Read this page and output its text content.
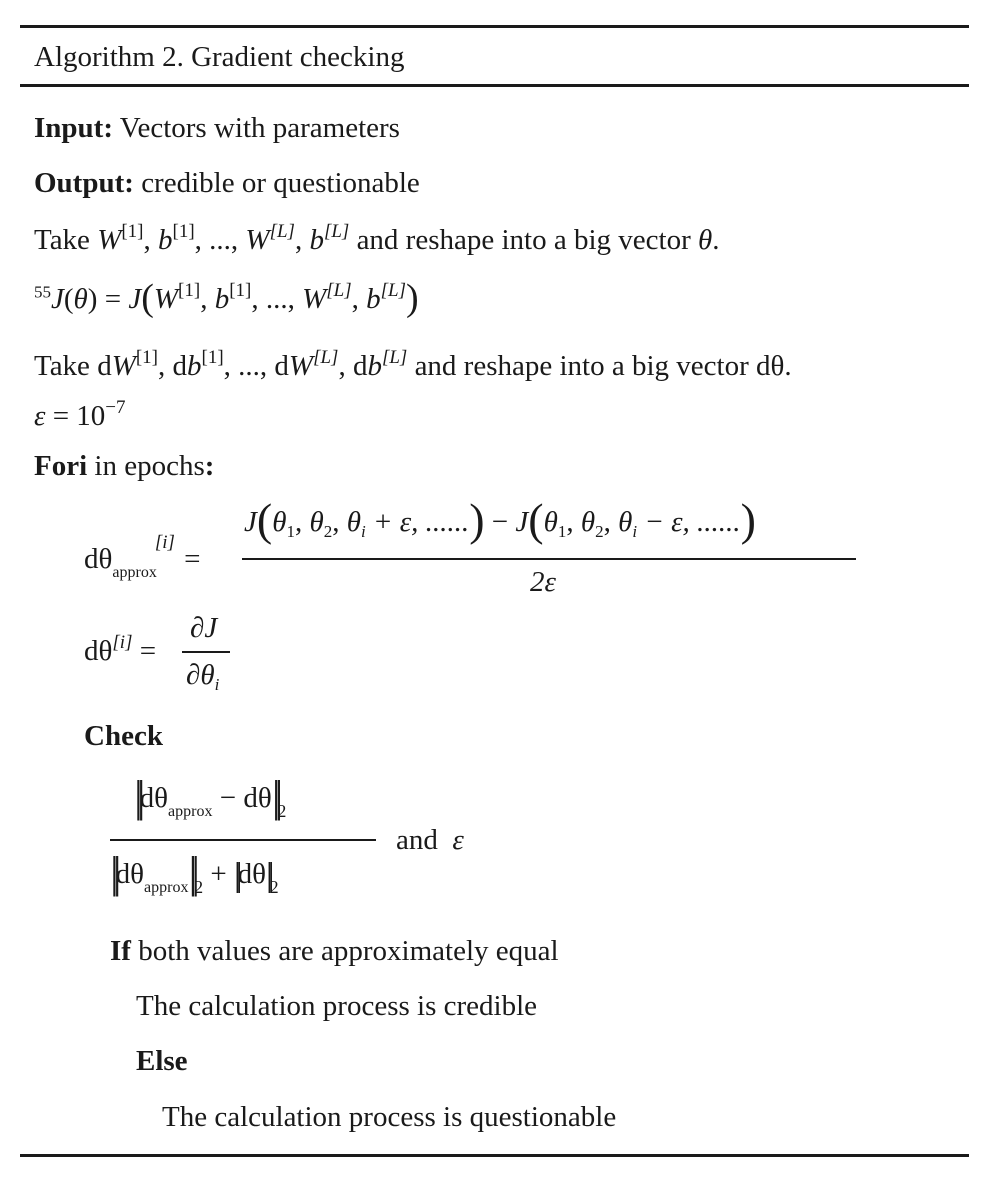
Algorithm 2. Gradient checking
Input: Vectors with parameters
Output: credible or questionable
Take W[1], b[1], ..., W[L], b[L] and reshape into a big vector θ.
$^{55}$J(θ) = J(W[1], b[1], ..., W[L], b[L])
Take dW[1], db[1], ..., dW[L], db[L] and reshape into a big vector dθ.
$\varepsilon = 10^{-7}$
Fori in epochs:
$d\theta_{approx}[i]$ =
$J(\theta_1$, $\theta_2$, $\theta_i + \varepsilon$, ......) − $J(\theta_1$, $\theta_2$, $\theta_i - \varepsilon$, ......)
2ε
dθ[i] =
∂J
$\partial\theta_i$
Check
$||d\theta_{approx} - d\theta||_2$
$||d\theta_{approx}||_2 + ||d\theta||_2$
and ε
If both values are approximately equal
The calculation process is credible
Else
The calculation process is questionable
